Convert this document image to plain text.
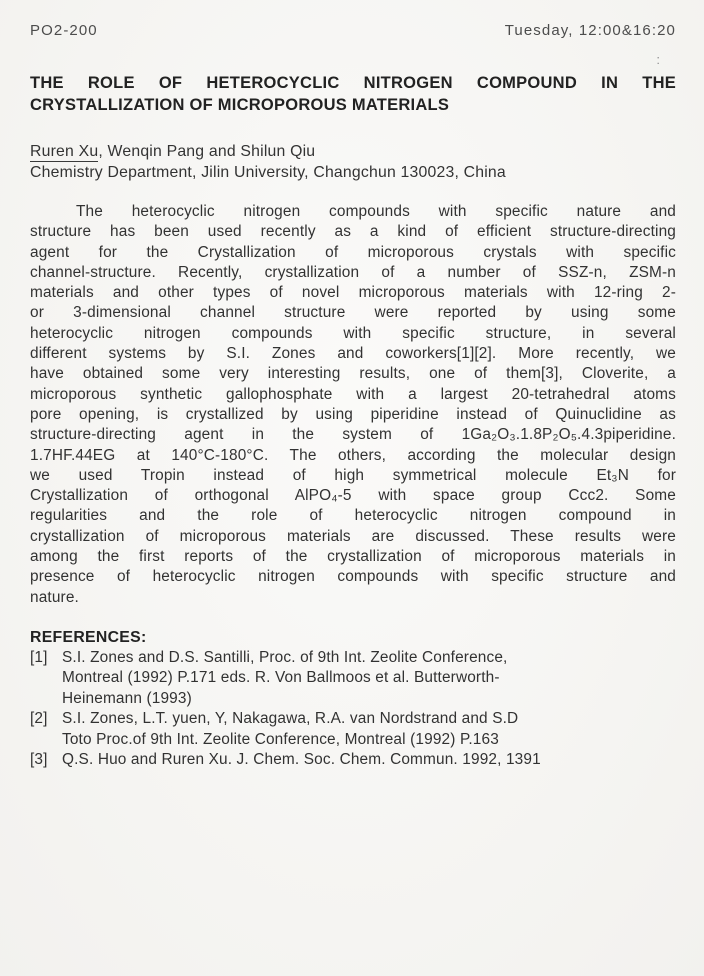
PO2-200	Tuesday, 12:00&16:20
:
THE ROLE OF HETEROCYCLIC NITROGEN COMPOUND IN THE
CRYSTALLIZATION OF MICROPOROUS MATERIALS
Ruren Xu, Wenqin Pang and Shilun Qiu
Chemistry Department, Jilin University, Changchun 130023, China
The heterocyclic nitrogen compounds with specific nature and
structure has been used recently as a kind of efficient structure-directing
agent for the Crystallization of microporous crystals with specific
channel-structure. Recently, crystallization of a number of SSZ-n, ZSM-n
materials and other types of novel microporous materials with 12-ring 2-
or 3-dimensional channel structure were reported by using some
heterocyclic nitrogen compounds with specific structure, in several
different systems by S.I. Zones and coworkers[1][2]. More recently, we
have obtained some very interesting results, one of them[3], Cloverite, a
microporous synthetic gallophosphate with a largest 20-tetrahedral atoms
pore opening, is crystallized by using piperidine instead of Quinuclidine as
structure-directing agent in the system of 1Ga₂O₃.1.8P₂O₅.4.3piperidine.
1.7HF.44EG at 140°C-180°C. The others, according the molecular design
we used Tropin instead of high symmetrical molecule Et₃N for
Crystallization of orthogonal AlPO₄-5 with space group Ccc2. Some
regularities and the role of heterocyclic nitrogen compound in
crystallization of microporous materials are discussed. These results were
among the first reports of the crystallization of microporous materials in
presence of heterocyclic nitrogen compounds with specific structure and
nature.
REFERENCES:
[1] S.I. Zones and D.S. Santilli, Proc. of 9th Int. Zeolite Conference,
Montreal (1992) P.171 eds. R. Von Ballmoos et al. Butterworth-
Heinemann (1993)
[2] S.I. Zones, L.T. yuen, Y, Nakagawa, R.A. van Nordstrand and S.D
Toto Proc.of 9th Int. Zeolite Conference, Montreal (1992) P.163
[3] Q.S. Huo and Ruren Xu. J. Chem. Soc. Chem. Commun. 1992, 1391
